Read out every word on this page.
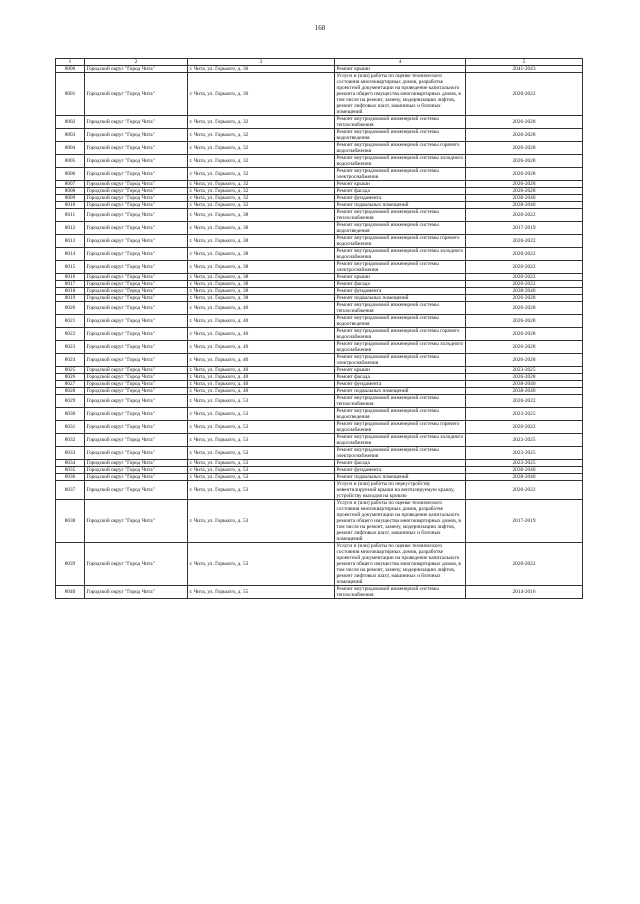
168
1	2	3	4	5
8000	Городской округ "Город Чита"	г. Чита, ул. Горького, д. 30	Ремонт крыши	2041-2043
8001	Городской округ "Город Чита"	г. Чита, ул. Горького, д. 30	Услуги и (или) работы по оценке технического состояния многоквартирных домов, разработке проектной документации на проведение капитального ремонта общего имущества многоквартирных домов, в том числе на ремонт, замену, модернизацию лифтов, ремонт лифтовых шахт, машинных и блочных помещений	2020-2022
8002	Городской округ "Город Чита"	г. Чита, ул. Горького, д. 32	Ремонт внутридомовой инженерной системы теплоснабжения	2026-2028
8003	Городской округ "Город Чита"	г. Чита, ул. Горького, д. 32	Ремонт внутридомовой инженерной системы водоотведения	2026-2028
8004	Городской округ "Город Чита"	г. Чита, ул. Горького, д. 32	Ремонт внутридомовой инженерной системы горячего водоснабжения	2026-2028
8005	Городской округ "Город Чита"	г. Чита, ул. Горького, д. 32	Ремонт внутридомовой инженерной системы холодного водоснабжения	2026-2028
8006	Городской округ "Город Чита"	г. Чита, ул. Горького, д. 32	Ремонт внутридомовой инженерной системы электроснабжения	2026-2028
8007	Городской округ "Город Чита"	г. Чита, ул. Горького, д. 32	Ремонт крыши	2026-2028
8008	Городской округ "Город Чита"	г. Чита, ул. Горького, д. 32	Ремонт фасада	2026-2028
8009	Городской округ "Город Чита"	г. Чита, ул. Горького, д. 32	Ремонт фундамента	2038-2040
8010	Городской округ "Город Чита"	г. Чита, ул. Горького, д. 32	Ремонт подвальных помещений	2038-2040
8011	Городской округ "Город Чита"	г. Чита, ул. Горького, д. 38	Ремонт внутридомовой инженерной системы теплоснабжения	2020-2022
8012	Городской округ "Город Чита"	г. Чита, ул. Горького, д. 38	Ремонт внутридомовой инженерной системы водоотведения	2017-2019
8013	Городской округ "Город Чита"	г. Чита, ул. Горького, д. 38	Ремонт внутридомовой инженерной системы горячего водоснабжения	2020-2022
8014	Городской округ "Город Чита"	г. Чита, ул. Горького, д. 38	Ремонт внутридомовой инженерной системы холодного водоснабжения	2020-2022
8015	Городской округ "Город Чита"	г. Чита, ул. Горького, д. 38	Ремонт внутридомовой инженерной системы электроснабжения	2020-2022
8016	Городской округ "Город Чита"	г. Чита, ул. Горького, д. 38	Ремонт крыши	2020-2022
8017	Городской округ "Город Чита"	г. Чита, ул. Горького, д. 38	Ремонт фасада	2020-2022
8018	Городской округ "Город Чита"	г. Чита, ул. Горького, д. 38	Ремонт фундамента	2038-2040
8019	Городской округ "Город Чита"	г. Чита, ул. Горького, д. 38	Ремонт подвальных помещений	2026-2028
8020	Городской округ "Город Чита"	г. Чита, ул. Горького, д. 40	Ремонт внутридомовой инженерной системы теплоснабжения	2026-2028
8021	Городской округ "Город Чита"	г. Чита, ул. Горького, д. 40	Ремонт внутридомовой инженерной системы водоотведения	2026-2028
8022	Городской округ "Город Чита"	г. Чита, ул. Горького, д. 40	Ремонт внутридомовой инженерной системы горячего водоснабжения	2026-2028
8023	Городской округ "Город Чита"	г. Чита, ул. Горького, д. 40	Ремонт внутридомовой инженерной системы холодного водоснабжения	2026-2028
8024	Городской округ "Город Чита"	г. Чита, ул. Горького, д. 40	Ремонт внутридомовой инженерной системы электроснабжения	2026-2028
8025	Городской округ "Город Чита"	г. Чита, ул. Горького, д. 40	Ремонт крыши	2023-2025
8026	Городской округ "Город Чита"	г. Чита, ул. Горького, д. 40	Ремонт фасада	2026-2028
8027	Городской округ "Город Чита"	г. Чита, ул. Горького, д. 40	Ремонт фундамента	2038-2040
8028	Городской округ "Город Чита"	г. Чита, ул. Горького, д. 40	Ремонт подвальных помещений	2038-2040
8029	Городской округ "Город Чита"	г. Чита, ул. Горького, д. 53	Ремонт внутридомовой инженерной системы теплоснабжения	2020-2022
8030	Городской округ "Город Чита"	г. Чита, ул. Горького, д. 53	Ремонт внутридомовой инженерной системы водоотведения	2023-2025
8031	Городской округ "Город Чита"	г. Чита, ул. Горького, д. 53	Ремонт внутридомовой инженерной системы горячего водоснабжения	2020-2022
8032	Городской округ "Город Чита"	г. Чита, ул. Горького, д. 53	Ремонт внутридомовой инженерной системы холодного водоснабжения	2023-2025
8033	Городской округ "Город Чита"	г. Чита, ул. Горького, д. 53	Ремонт внутридомовой инженерной системы электроснабжения	2023-2025
8034	Городской округ "Город Чита"	г. Чита, ул. Горького, д. 53	Ремонт фасада	2023-2025
8035	Городской округ "Город Чита"	г. Чита, ул. Горького, д. 53	Ремонт фундамента	2038-2040
8036	Городской округ "Город Чита"	г. Чита, ул. Горького, д. 53	Ремонт подвальных помещений	2038-2040
8037	Городской округ "Город Чита"	г. Чита, ул. Горького, д. 53	Услуги и (или) работы по переустройству невентилируемой крыши на вентилируемую крышу, устройству выходов на кровлю	2020-2022
8038	Городской округ "Город Чита"	г. Чита, ул. Горького, д. 53	Услуги и (или) работы по оценке технического состояния многоквартирных домов, разработке проектной документации на проведение капитального ремонта общего имущества многоквартирных домов, в том числе на ремонт, замену, модернизацию лифтов, ремонт лифтовых шахт, машинных и блочных помещений	2017-2019
8039	Городской округ "Город Чита"	г. Чита, ул. Горького, д. 53	Услуги и (или) работы по оценке технического состояния многоквартирных домов, разработке проектной документации на проведение капитального ремонта общего имущества многоквартирных домов, в том числе на ремонт, замену, модернизацию лифтов, ремонт лифтовых шахт, машинных и блочных помещений	2020-2022
8040	Городской округ "Город Чита"	г. Чита, ул. Горького, д. 55	Ремонт внутридомовой инженерной системы теплоснабжения	2014-2016
